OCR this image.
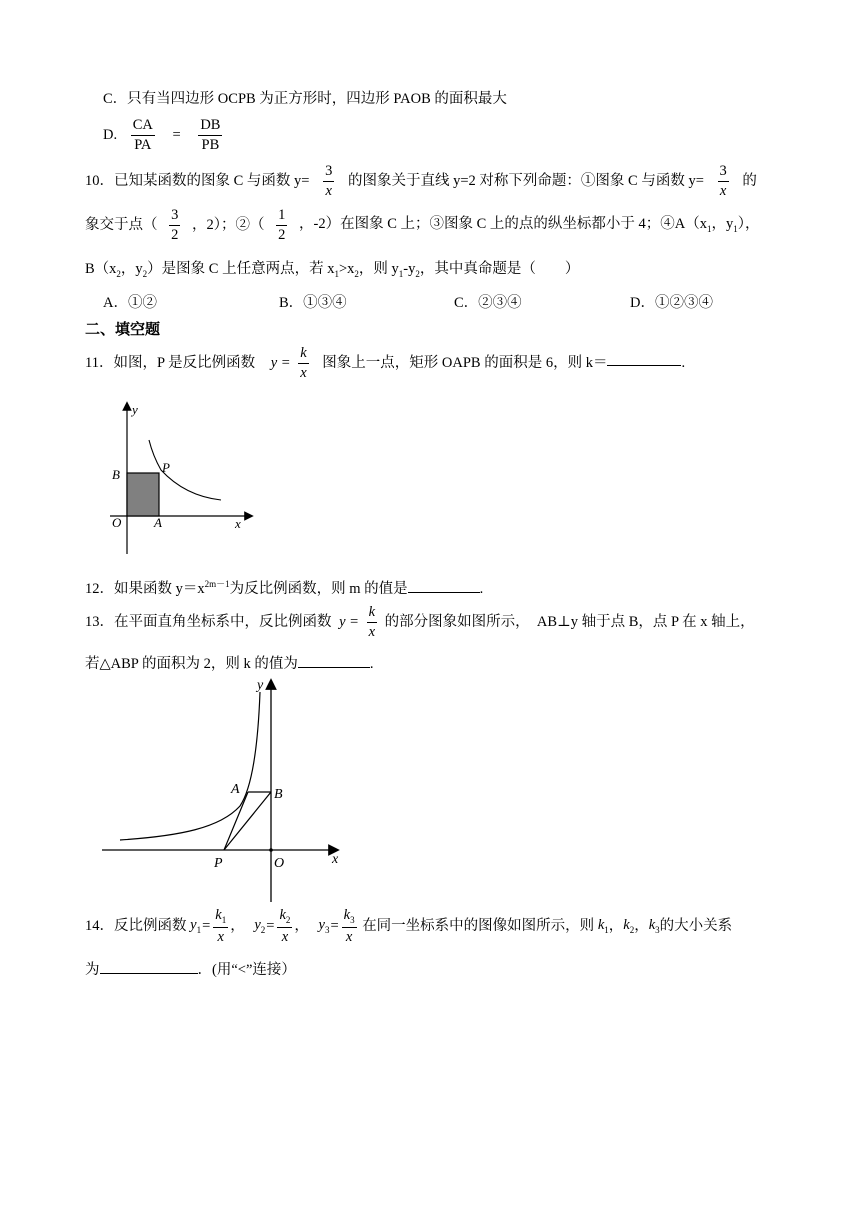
C．只有当四边形 OCPB 为正方形时，四边形 PAOB 的面积最大
D. $\frac{CA}{PA} = \frac{DB}{PB}$
10．已知某函数的图象 C 与函数 $y= \frac{3}{x}$ 的图象关于直线 y=2 对称下列命题：①图象 C 与函数 $y= \frac{3}{x}$ 的
象交于点（ $\frac{3}{2}$ ，2）；②（ $\frac{1}{2}$ ，-2）在图象 C 上；③图象 C 上的点的纵坐标都小于 4；$④A(x_1$，$y_1$），
$B(x_2$，$y_2$）是图象 C 上任意两点，若 $x_1>x_2$，则 $y_1-y_2$，其中真命题是（　　）
A．①②	B．①③④	C．②③④	D．①②③④
二、填空题
11．如图，P 是反比例函数 $y = \frac{k}{x}$ 图象上一点，矩形 OAPB 的面积是 6，则 k＝	.
y
x
B	P
O	A
12．如果函数 $y=x^{2m-1}$为反比例函数，则 m 的值是	.
13．在平面直角坐标系中，反比例函数 $y = \frac{k}{x}$ 的部分图象如图所示，　AB⊥y 轴于点 B，点 P 在 x 轴上，
若△ABP 的面积为 2，则 k 的值为	.
y
x
A B
P	O
14．反比例函数 $y_1= \frac{k_1}{x}$ ， $y_2= \frac{k_2}{x}$ ， $y_3= \frac{k_3}{x}$ 在同一坐标系中的图像如图所示，则 $k_1$，$k_2$，$k_3$的大小关系
为	．(用“<”连接）
